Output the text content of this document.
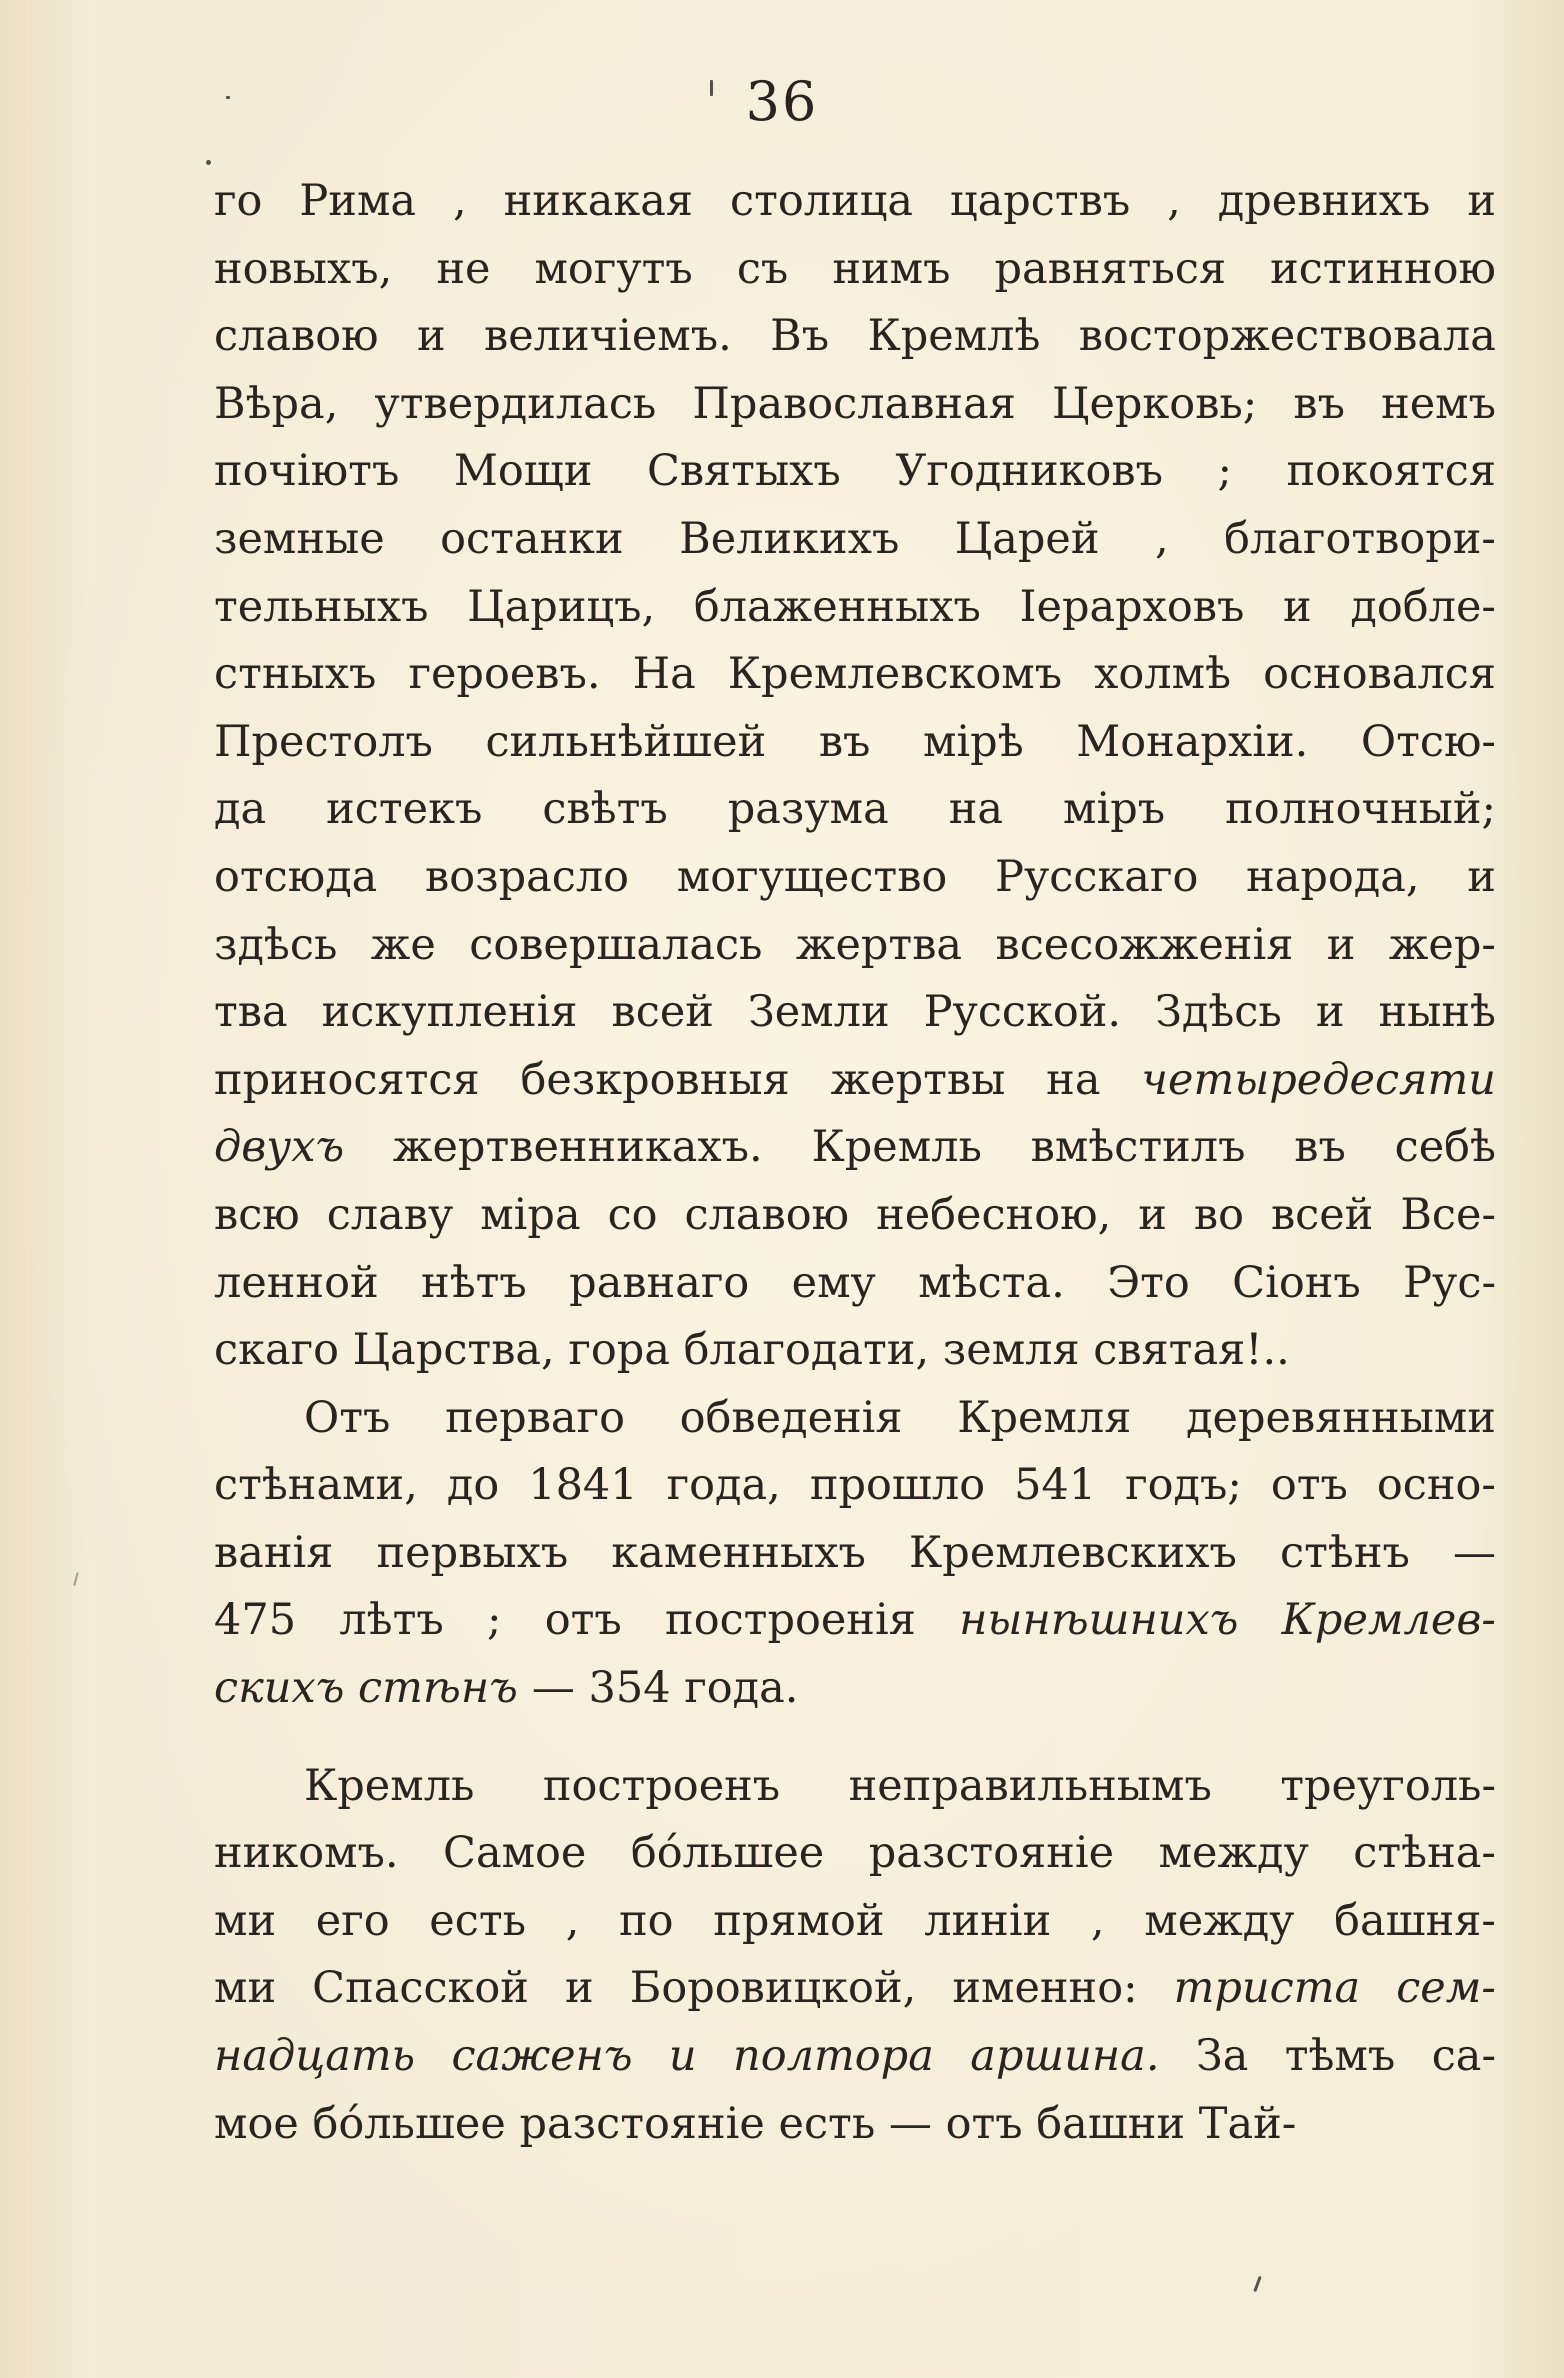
36
го Рима , никакая столица царствъ , древнихъ и
новыхъ, не могутъ съ нимъ равняться истинною
славою и величіемъ. Въ Кремлѣ восторжествовала
Вѣра, утвердилась Православная Церковь; въ немъ
почіютъ Мощи Святыхъ Угодниковъ ; покоятся
земные останки Великихъ Царей , благотвори-
тельныхъ Царицъ, блаженныхъ Іерарховъ и добле-
стныхъ героевъ. На Кремлевскомъ холмѣ основался
Престолъ сильнѣйшей въ мірѣ Монархіи. Отсю-
да истекъ свѣтъ разума на міръ полночный;
отсюда возрасло могущество Русскаго народа, и
здѣсь же совершалась жертва всесожженія и жер-
тва искупленія всей Земли Русской. Здѣсь и нынѣ
приносятся безкровныя жертвы на четыредесяти
двухъ жертвенникахъ. Кремль вмѣстилъ въ себѣ
всю славу міра со славою небесною, и во всей Все-
ленной нѣтъ равнаго ему мѣста. Это Сіонъ Рус-
скаго Царства, гора благодати, земля святая!..
Отъ перваго обведенія Кремля деревянными
стѣнами, до 1841 года, прошло 541 годъ; отъ осно-
ванія первыхъ каменныхъ Кремлевскихъ стѣнъ —
475 лѣтъ ; отъ построенія нынѣшнихъ Кремлев-
скихъ стѣнъ — 354 года.
Кремль построенъ неправильнымъ треуголь-
никомъ. Самое бо́льшее разстояніе между стѣна-
ми его есть , по прямой линіи , между башня-
ми Спасской и Боровицкой, именно: триста сем-
надцать саженъ и полтора аршина. За тѣмъ са-
мое бо́льшее разстояніе есть — отъ башни Тай-
